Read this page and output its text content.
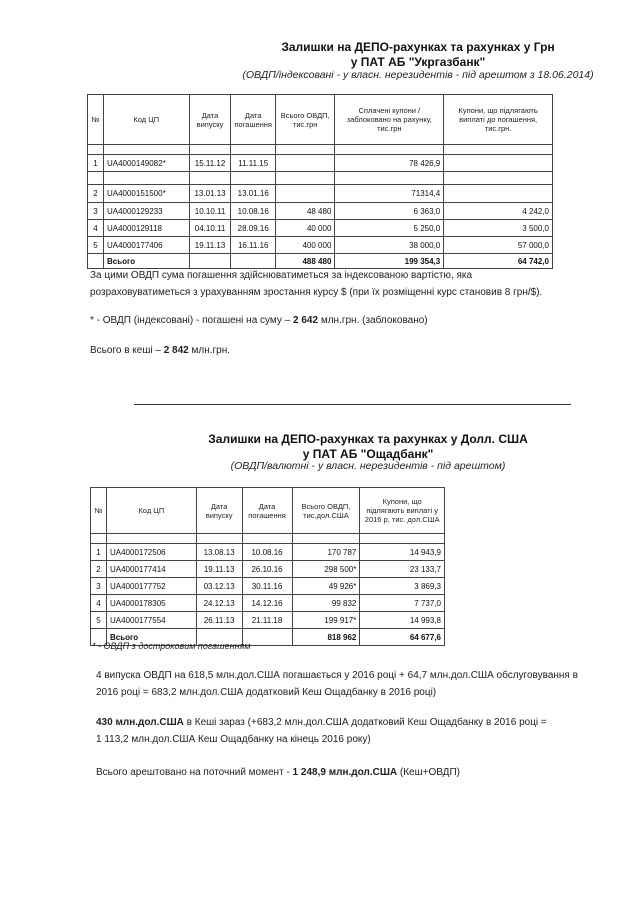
Залишки на ДЕПО-рахунках та рахунках у Грн
у ПАТ АБ "Укргазбанк"
(ОВДП/індексовані - у власн. нерезидентів - під арештом з 18.06.2014)
№	Код ЦП	Дата випуску	Дата погашення	Всього ОВДП, тис.грн	Сплачені купони /заблоковано на рахунку, тис.грн	Купони, що підлягають виплаті до погашення, тис.грн.

1	UA4000149082*	15.11.12	11.11.15		78 426,9	

2	UA4000151500*	13.01.13	13.01.16		71314,4	
3	UA4000129233	10.10.11	10.08.16	48 480	6 363,0	4 242,0
4	UA4000129118	04.10.11	28.09.16	40 000	5 250,0	3 500,0
5	UA4000177406	19.11.13	16.11.16	400 000	38 000,0	57 000,0
	Всього			488 480	199 354,3	64 742,0
За цими ОВДП сума погашення здійснюватиметься за індексованою вартістю, яка
розраховуватиметься з урахуванням зростання курсу $ (при їх розміщенні курс становив 8 грн/$).
* - ОВДП (індексовані) - погашені на суму – 2 642 млн.грн. (заблоковано)
Всього в кеші – 2 842 млн.грн.
Залишки на ДЕПО-рахунках та рахунках у Долл. США
у ПАТ АБ "Ощадбанк"
(ОВДП/валютні - у власн. нерезидентів - під арештом)
№	Код ЦП	Дата випуску	Дата погашення	Всього ОВДП, тис.дол.США	Купони, що підлягають виплаті у 2016 р, тис. дол.США

1	UA4000172506	13.08.13	10.08.16	170 787	14 943,9
2	UA4000177414	19.11.13	26.10.16	298 500*	23 133,7
3	UA4000177752	03.12.13	30.11.16	49 926*	3 869,3
4	UA4000178305	24.12.13	14.12.16	99 832	7 737,0
5	UA4000177554	26.11.13	21.11.18	199 917*	14 993,8
	Всього			818 962	64 677,6
* - ОВДП з достроковим погашенням
4 випуска ОВДП на 618,5 млн.дол.США погашається у 2016 році + 64,7 млн.дол.США обслуговування в
2016 році = 683,2 млн.дол.США додатковий Кеш Ощадбанку в 2016 році)
430 млн.дол.США в Кеші зараз (+683,2 млн.дол.США додатковий Кеш Ощадбанку в 2016 році =
1 113,2 млн.дол.США Кеш Ощадбанку на кінець 2016 року)
Всього арештовано на поточний момент - 1 248,9 млн.дол.США (Кеш+ОВДП)
